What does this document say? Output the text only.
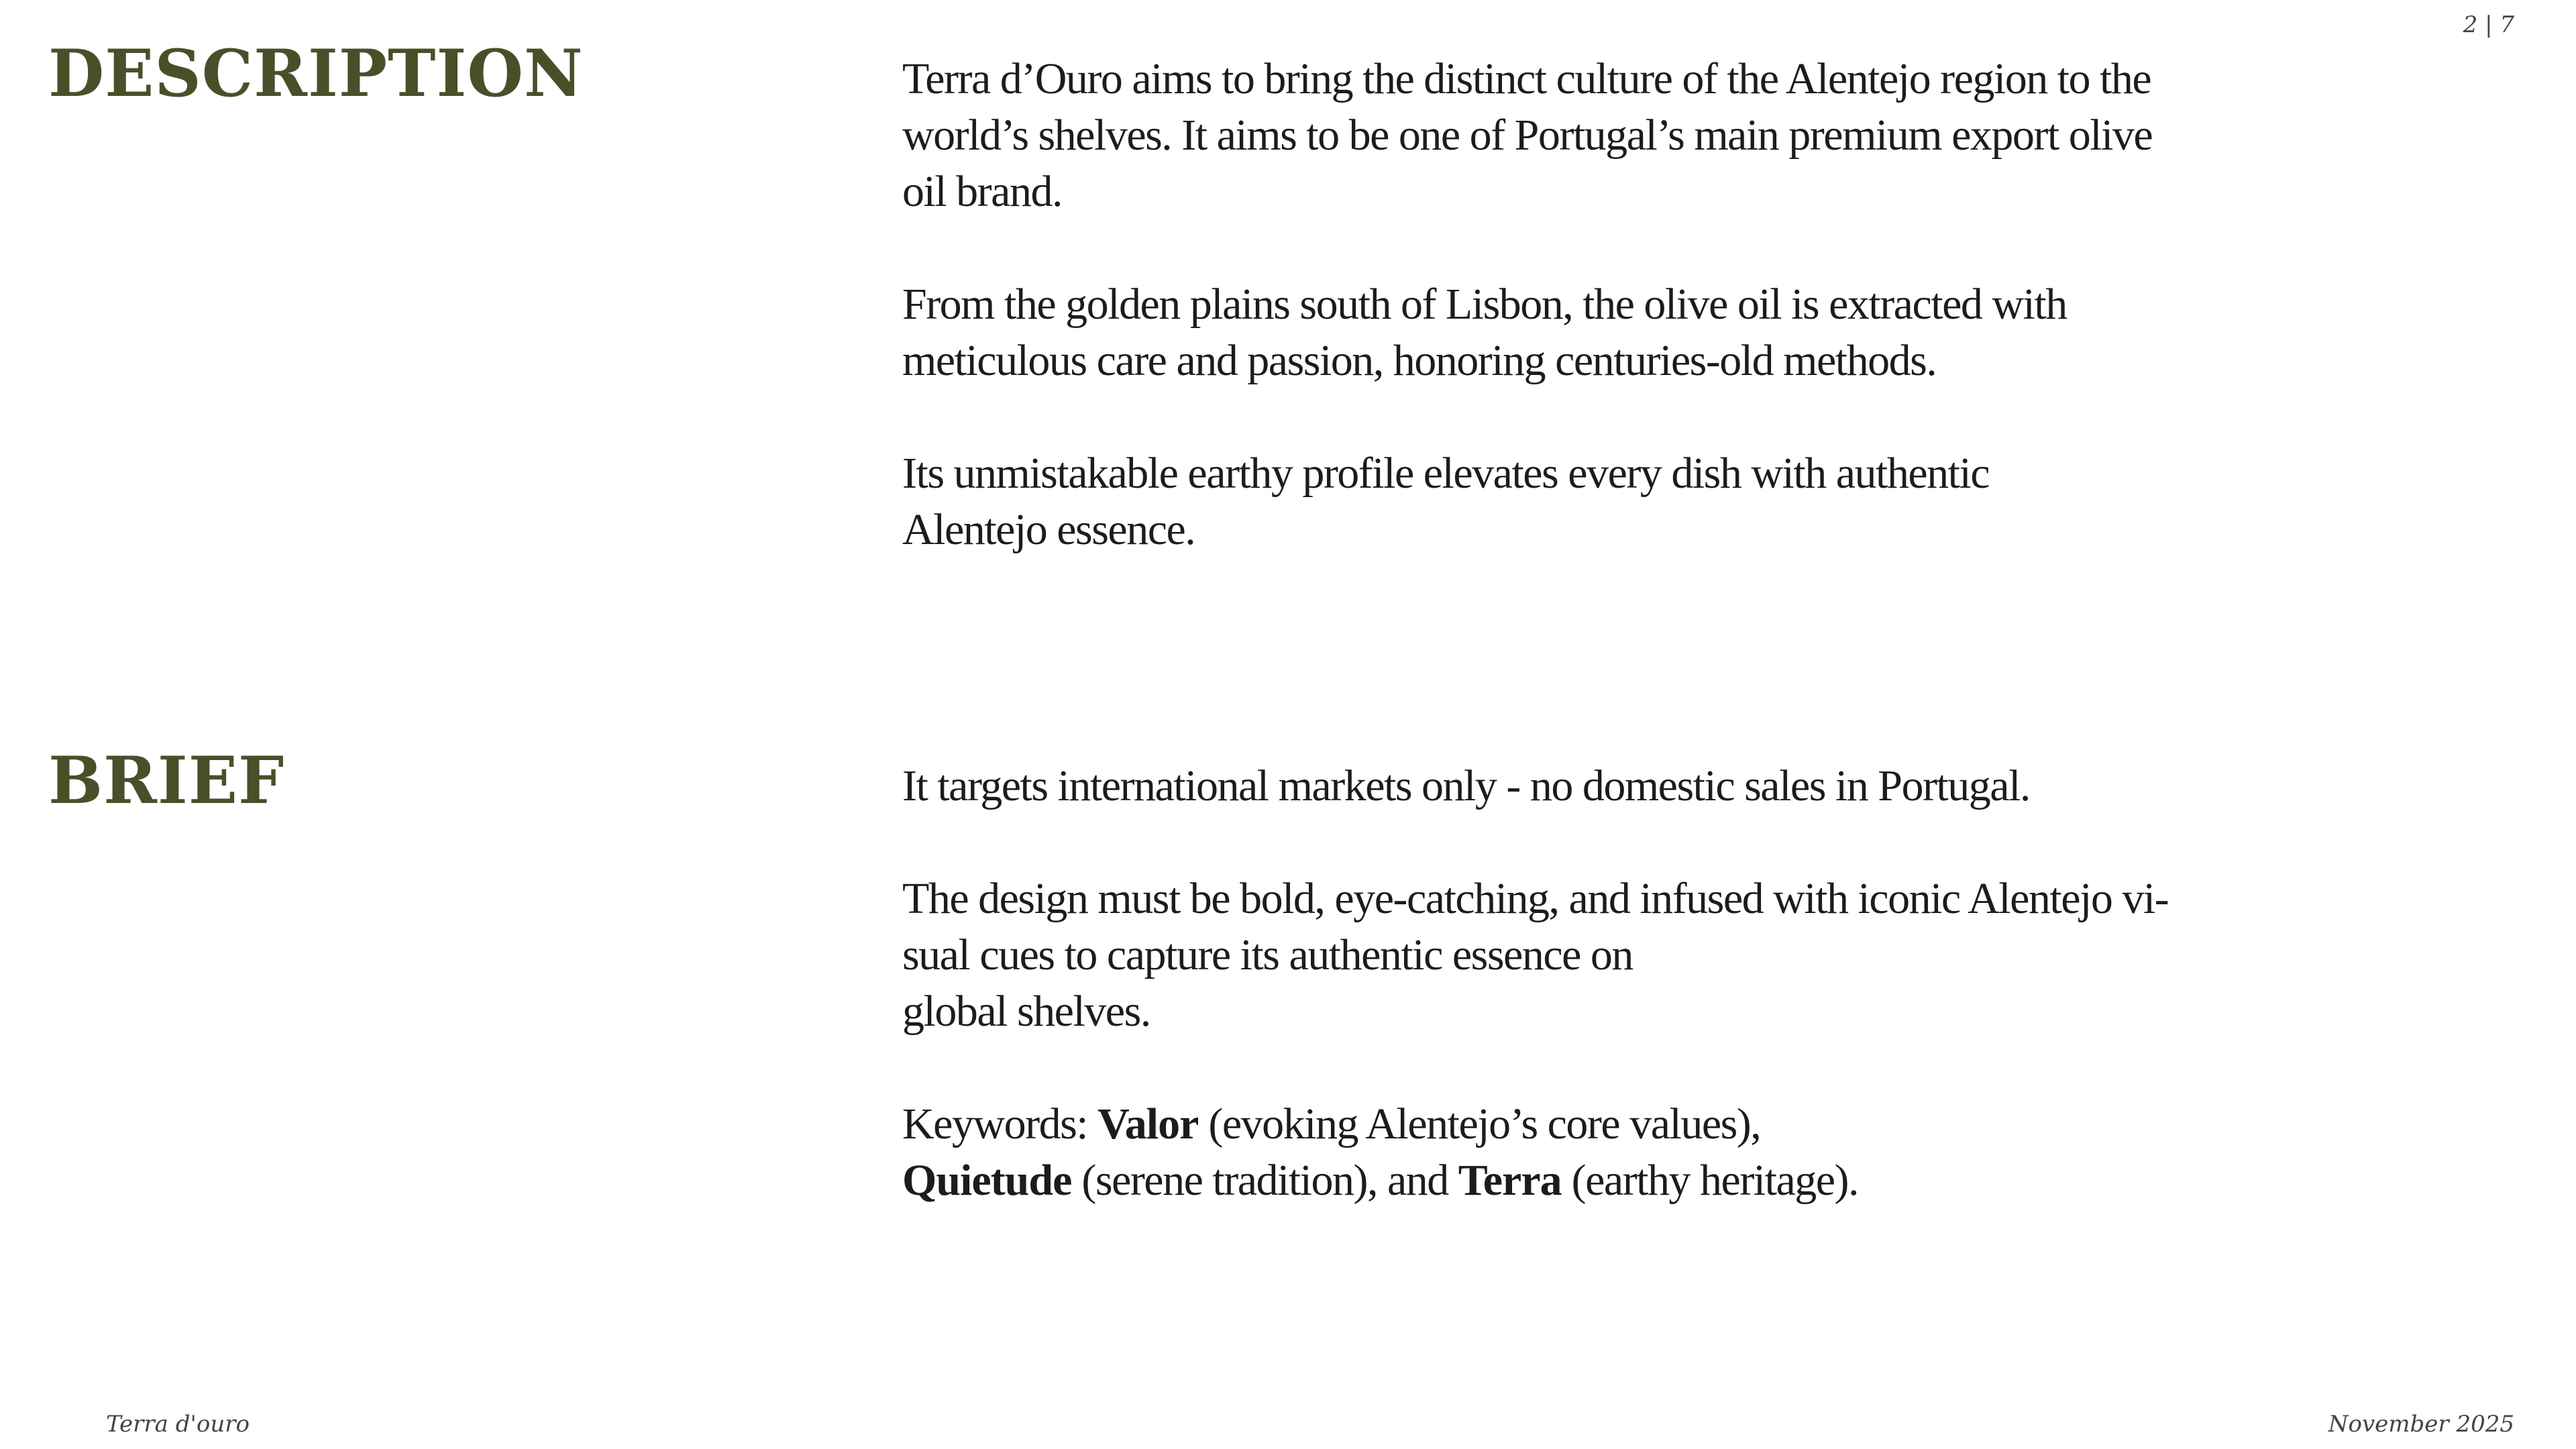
2 | 7
DESCRIPTION	Terra d’Ouro aims to bring the distinct culture of the Alentejo region to the
world’s shelves. It aims to be one of Portugal’s main premium export olive
oil brand.

From the golden plains south of Lisbon, the olive oil is extracted with
meticulous care and passion, honoring centuries-old methods.

Its unmistakable earthy profile elevates every dish with authentic
Alentejo essence.

BRIEF	It targets international markets only - no domestic sales in Portugal.

The design must be bold, eye-catching, and infused with iconic Alentejo vi-
sual cues to capture its authentic essence on
global shelves.

Keywords: Valor (evoking Alentejo’s core values),
Quietude (serene tradition), and Terra (earthy heritage).

Terra d'ouro	November 2025
